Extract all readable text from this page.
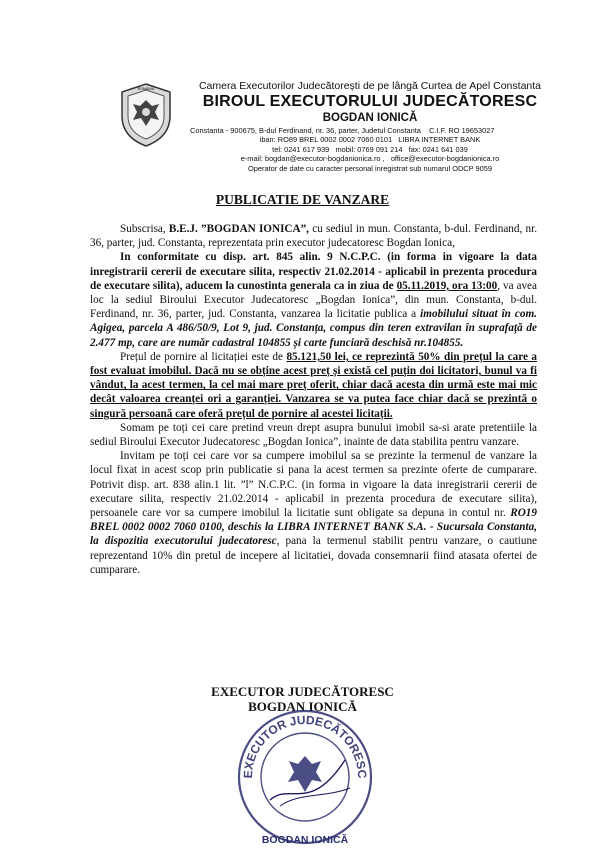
ROMÂNIA	Camera Executorilor Judecătorești de pe lângă Curtea de Apel Constanta
BIROUL EXECUTORULUI JUDECĂTORESC
BOGDAN IONICĂ
Constanta - 900675, B-dul Ferdinand, nr. 36, parter, Judetul Constanta C.I.F. RO 19653027
iban: RO89 BREL 0002 0002 7060 0101 LIBRA INTERNET BANK
tel: 0241 617 939 mobil: 0769 091 214 fax: 0241 641 039
e-mail: bogdan@executor-bogdanionica.ro , office@executor-bogdanionica.ro
Operator de date cu caracter personal inregistrat sub numarul ODCP 9059
PUBLICATIE DE VANZARE

Subscrisa, B.E.J. ”BOGDAN IONICA”, cu sediul in mun. Constanta, b-dul. Ferdinand, nr. 36, parter, jud. Constanta, reprezentata prin executor judecatoresc Bogdan Ionica,

In conformitate cu disp. art. 845 alin. 9 N.C.P.C. (in forma in vigoare la data inregistrarii cererii de executare silita, respectiv 21.02.2014 - aplicabil in prezenta procedura de executare silita), aducem la cunostinta generala ca in ziua de 05.11.2019, ora 13:00, va avea loc la sediul Biroului Executor Judecatoresc „Bogdan Ionica”, din mun. Constanta, b-dul. Ferdinand, nr. 36, parter, jud. Constanta, vanzarea la licitatie publica a imobilului situat în com. Agigea, parcela A 486/50/9, Lot 9, jud. Constanța, compus din teren extravilan în suprafață de 2.477 mp, care are număr cadastral 104855 și carte funciară deschisă nr.104855.

Prețul de pornire al licitației este de 85.121,50 lei, ce reprezintă 50% din prețul la care a fost evaluat imobilul. Dacă nu se obține acest preț și există cel puțin doi licitatori, bunul va fi vândut, la acest termen, la cel mai mare preț oferit, chiar dacă acesta din urmă este mai mic decât valoarea creanței ori a garanției. Vanzarea se va putea face chiar dacă se prezintă o singură persoană care oferă prețul de pornire al acestei licitații.

Somam pe toți cei care pretind vreun drept asupra bunului imobil sa-si arate pretentiile la sediul Biroului Executor Judecatoresc „Bogdan Ionica”, inainte de data stabilita pentru vanzare.

Invitam pe toți cei care vor sa cumpere imobilul sa se prezinte la termenul de vanzare la locul fixat in acest scop prin publicatie si pana la acest termen sa prezinte oferte de cumparare. Potrivit disp. art. 838 alin.1 lit. ”l” N.C.P.C. (in forma in vigoare la data inregistrarii cererii de executare silita, respectiv 21.02.2014 - aplicabil in prezenta procedura de executare silita), persoanele care vor sa cumpere imobilul la licitatie sunt obligate sa depuna in contul nr. RO19 BREL 0002 0002 7060 0100, deschis la LIBRA INTERNET BANK S.A. - Sucursala Constanta, la dispozitia executorului judecatoresc, pana la termenul stabilit pentru vanzare, o cautiune reprezentand 10% din pretul de incepere al licitatiei, dovada consemnarii fiind atasata ofertei de cumparare.

EXECUTOR JUDECĂTORESC
BOGDAN IONICĂ
EXECUTOR JUDECĂTORESC
BOGDAN IONICĂ
